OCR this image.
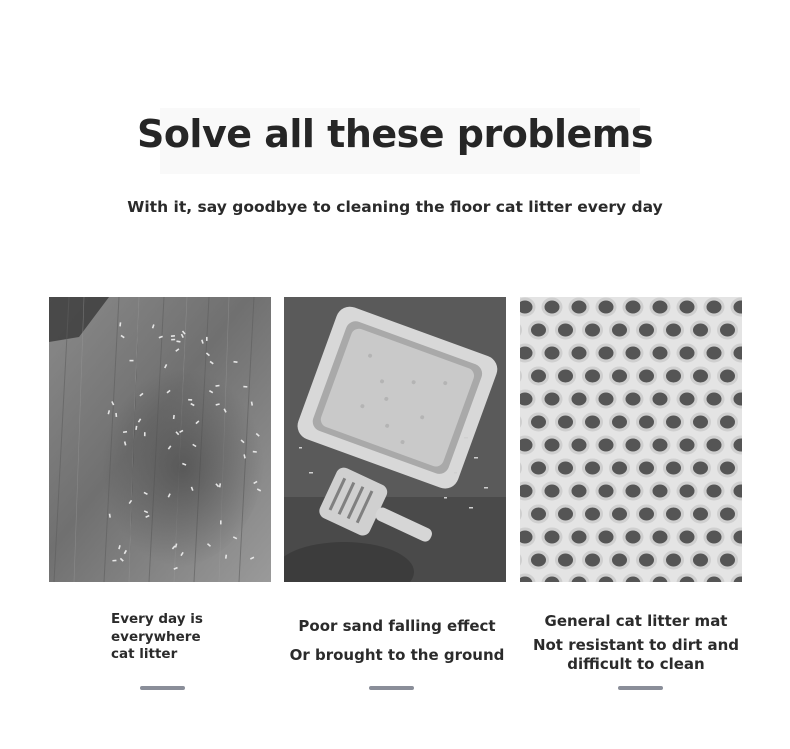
Solve all these problems

With it, say goodbye to cleaning the floor cat litter every day

Every day is
everywhere
cat litter
Poor sand falling effect
Or brought to the ground
General cat litter mat
Not resistant to dirt and difficult to clean
